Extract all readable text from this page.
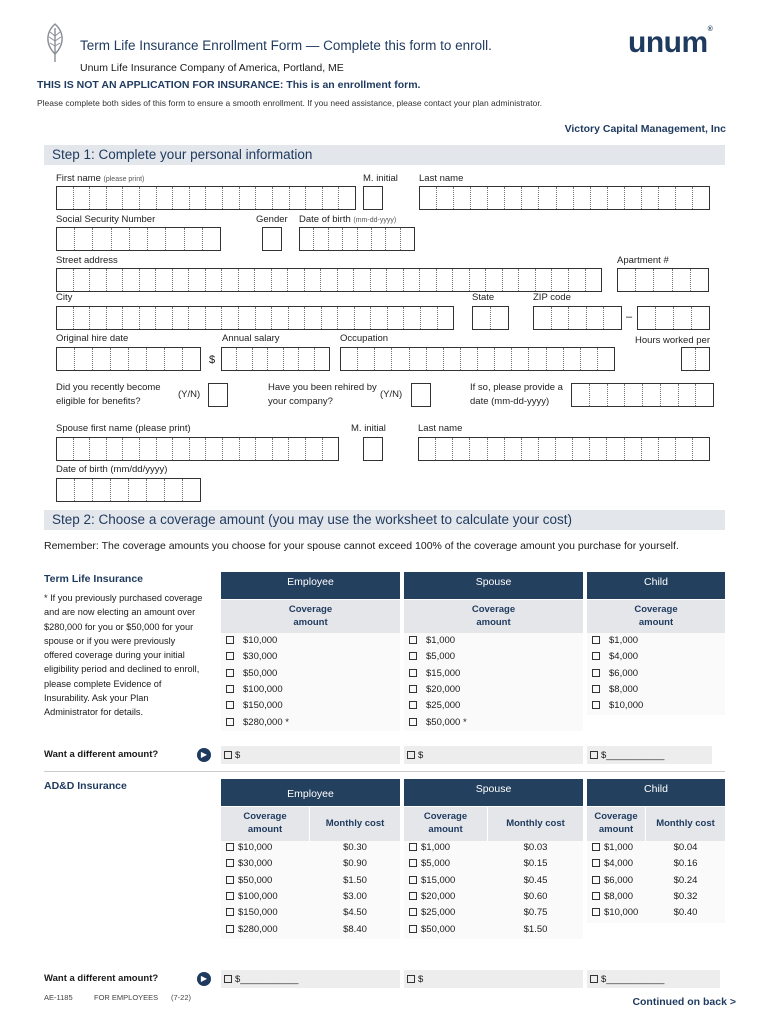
Term Life Insurance Enrollment Form — Complete this form to enroll.
Unum Life Insurance Company of America, Portland, ME
THIS IS NOT AN APPLICATION FOR INSURANCE: This is an enrollment form.
Please complete both sides of this form to ensure a smooth enrollment. If you need assistance, please contact your plan administrator.
unum®
Victory Capital Management, Inc
Step 1: Complete your personal information
First name (please print)	M. initial Last name
Social Security Number	Gender Date of birth (mm-dd-yyyy)
Street address	Apartment #
City	State	ZIP code
–
Original hire date	Annual salary	Occupation	Hours worked per
$
Did you recently become eligible for benefits?
(Y/N)
Have you been rehired by your company?
(Y/N)
If so, please provide a date (mm-dd-yyyy)
Spouse first name (please print)	M. initial	Last name
Date of birth (mm/dd/yyyy)
Step 2: Choose a coverage amount (you may use the worksheet to calculate your cost)
Remember: The coverage amounts you choose for your spouse cannot exceed 100% of the coverage amount you purchase for yourself.
Term Life Insurance
* If you previously purchased coverage and are now electing an amount over $280,000 for you or $50,000 for your spouse or if you were previously offered coverage during your initial eligibility period and declined to enroll, please complete Evidence of Insurability. Ask your Plan Administrator for details.
Employee	Spouse	Child
Coverage amount
Coverage amount
Coverage amount
$10,000
$30,000
$50,000
$100,000
$150,000
$280,000 *
$1,000
$5,000
$15,000
$20,000
$25,000
$50,000 *
$1,000
$4,000
$6,000
$8,000
$10,000
Want a different amount?	▶	$	$	$___________
AD&D Insurance
Employee	Spouse	Child
Coverage amount
Monthly cost
Coverage amount
Monthly cost
Coverage amount
Monthly cost
$10,000	$0.30
$30,000	$0.90
$50,000	$1.50
$100,000	$3.00
$150,000	$4.50
$280,000	$8.40
$1,000	$0.03
$5,000	$0.15
$15,000	$0.45
$20,000	$0.60
$25,000	$0.75
$50,000	$1.50
$1,000	$0.04
$4,000	$0.16
$6,000	$0.24
$8,000	$0.32
$10,000	$0.40
Want a different amount?	▶	$___________	$	$___________
AE-1185	FOR EMPLOYEES (7-22)	Continued on back >
